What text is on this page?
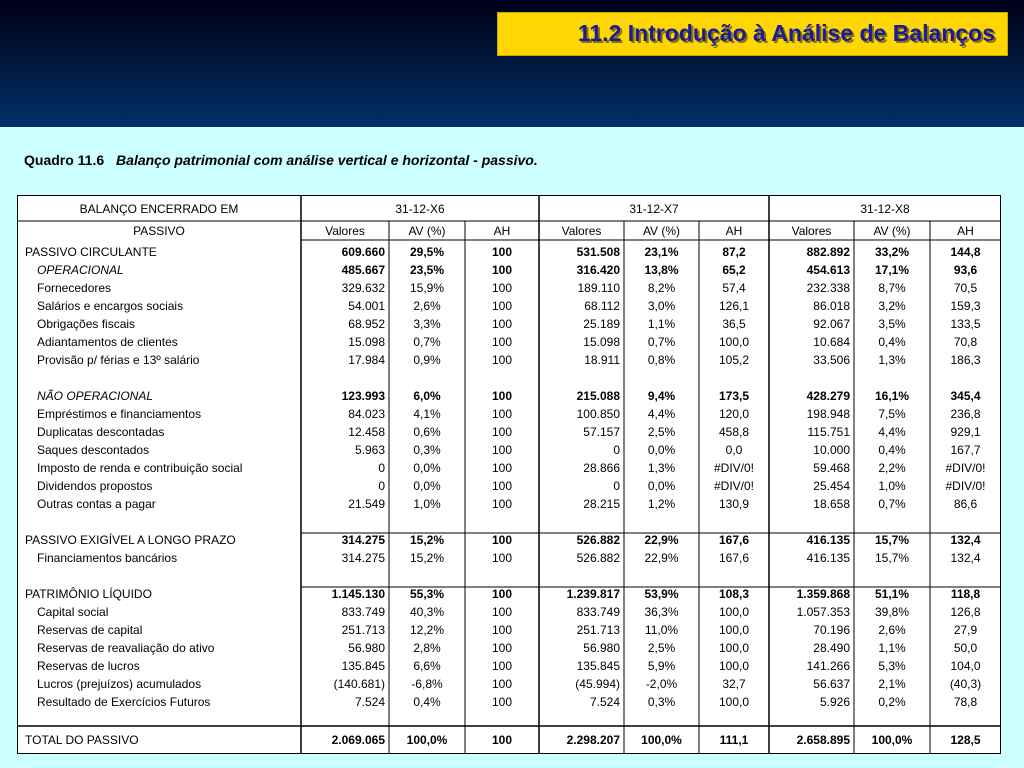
11.2 Introdução à Análise de Balanços
Quadro 11.6 Balanço patrimonial com análise vertical e horizontal - passivo.
BALANÇO ENCERRADO EM	31-12-X6	31-12-X7	31-12-X8
PASSIVO	Valores	AV (%)	AH	Valores	AV (%)	AH	Valores	AV (%)	AH
PASSIVO CIRCULANTE	609.660 29,5%	100	531.508 23,1%	87,2	882.892 33,2%	144,8
OPERACIONAL	485.667 23,5%	100	316.420 13,8%	65,2	454.613 17,1%	93,6
Fornecedores	329.632 15,9%	100	189.110 8,2%	57,4	232.338 8,7%	70,5
Salários e encargos sociais	54.001 2,6%	100	68.112 3,0%	126,1	86.018 3,2%	159,3
Obrigações fiscais	68.952 3,3%	100	25.189 1,1%	36,5	92.067 3,5%	133,5
Adiantamentos de clientes	15.098 0,7%	100	15.098 0,7%	100,0	10.684 0,4%	70,8
Provisão p/ férias e 13º salário	17.984 0,9%	100	18.911 0,8%	105,2	33.506 1,3%	186,3
NÃO OPERACIONAL	123.993 6,0%	100	215.088 9,4%	173,5	428.279 16,1%	345,4
Empréstimos e financiamentos	84.023 4,1%	100	100.850 4,4%	120,0	198.948 7,5%	236,8
Duplicatas descontadas	12.458 0,6%	100	57.157 2,5%	458,8	115.751 4,4%	929,1
Saques descontados	5.963 0,3%	100	0 0,0%	0,0	10.000 0,4%	167,7
Imposto de renda e contribuição social	0 0,0%	100	28.866 1,3%	#DIV/0!	59.468 2,2%	#DIV/0!
Dividendos propostos	0 0,0%	100	0 0,0%	#DIV/0!	25.454 1,0%	#DIV/0!
Outras contas a pagar	21.549 1,0%	100	28.215 1,2%	130,9	18.658 0,7%	86,6
PASSIVO EXIGÍVEL A LONGO PRAZO	314.275 15,2%	100	526.882 22,9%	167,6	416.135 15,7%	132,4
Financiamentos bancários	314.275 15,2%	100	526.882 22,9%	167,6	416.135 15,7%	132,4
PATRIMÔNIO LÍQUIDO	1.145.130 55,3%	100	1.239.817 53,9%	108,3	1.359.868 51,1%	118,8
Capital social	833.749 40,3%	100	833.749 36,3%	100,0	1.057.353 39,8%	126,8
Reservas de capital	251.713 12,2%	100	251.713 11,0%	100,0	70.196 2,6%	27,9
Reservas de reavaliação do ativo	56.980 2,8%	100	56.980 2,5%	100,0	28.490 1,1%	50,0
Reservas de lucros	135.845 6,6%	100	135.845 5,9%	100,0	141.266 5,3%	104,0
Lucros (prejuízos) acumulados	(140.681) -6,8%	100	(45.994) -2,0%	32,7	56.637 2,1%	(40,3)
Resultado de Exercícios Futuros	7.524 0,4%	100	7.524 0,3%	100,0	5.926 0,2%	78,8
TOTAL DO PASSIVO	2.069.065 100,0%	100	2.298.207 100,0%	111,1	2.658.895 100,0%	128,5
